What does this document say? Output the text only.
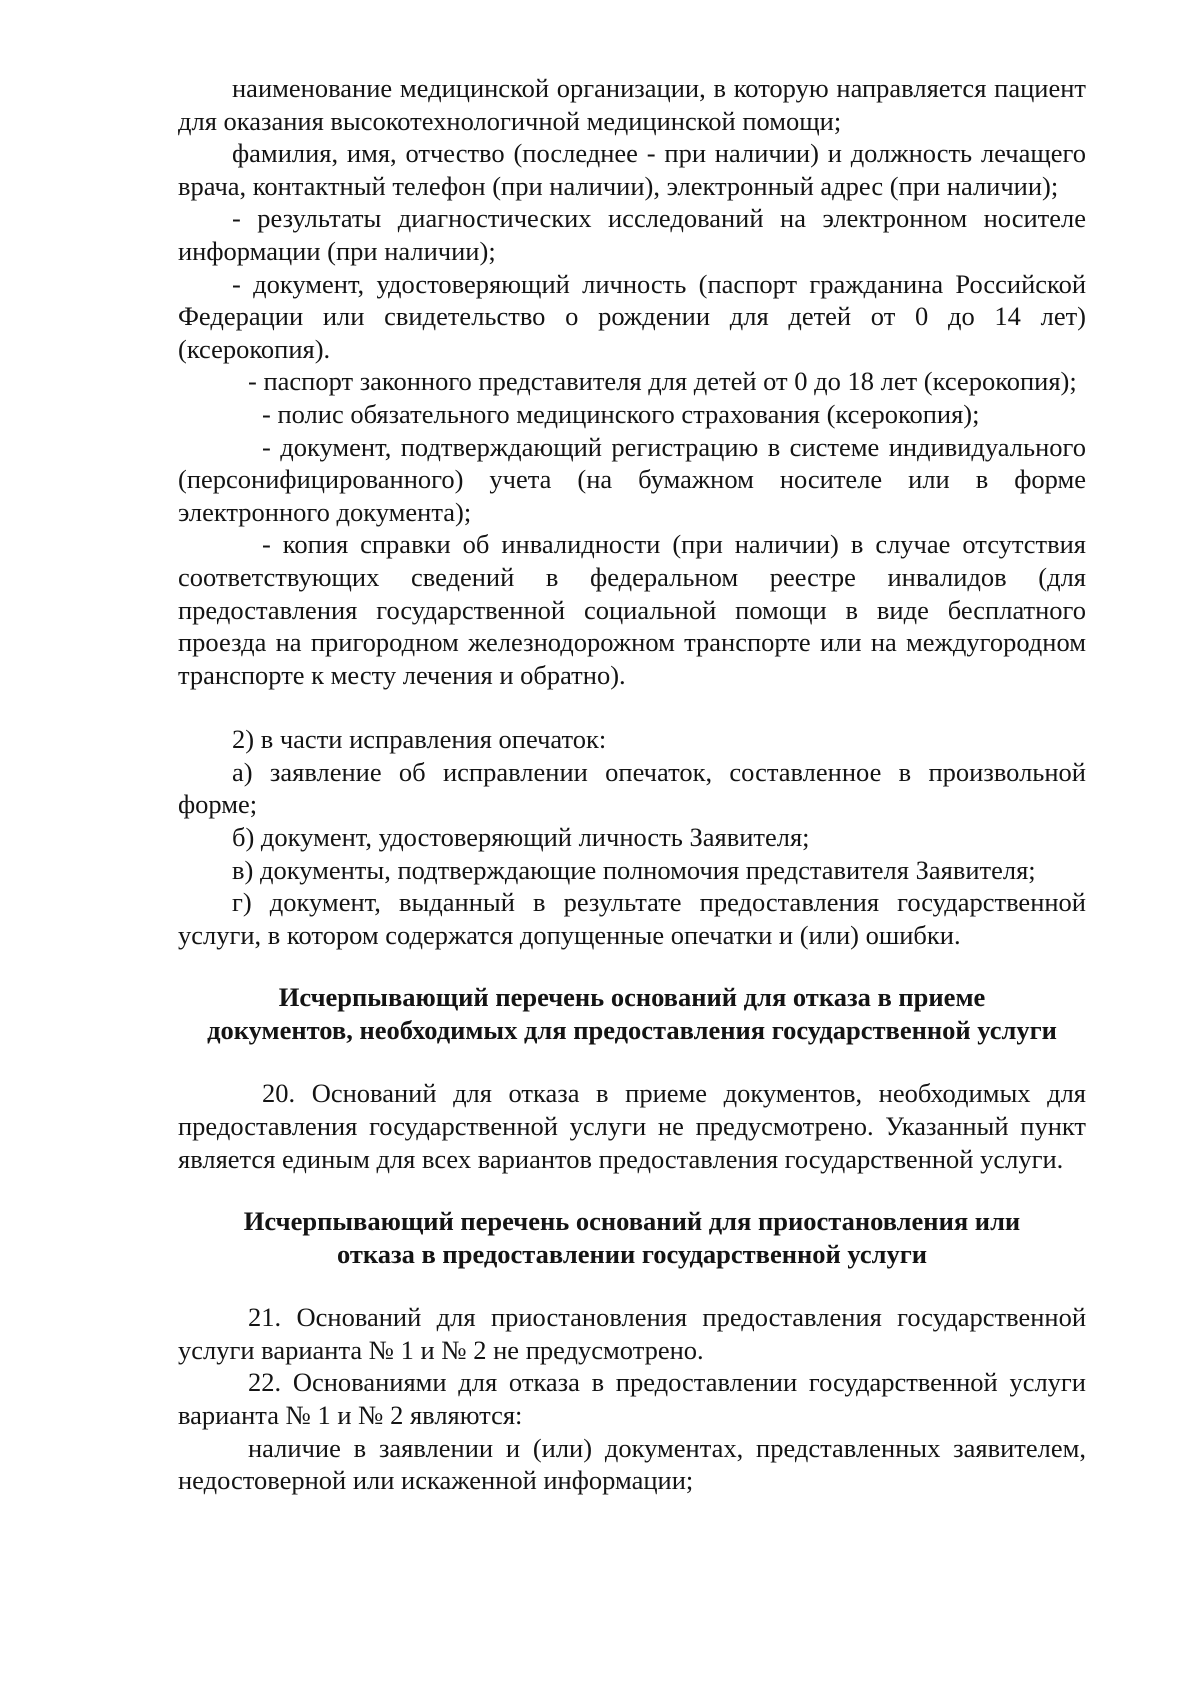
наименование медицинской организации, в которую направляется пациент для оказания высокотехнологичной медицинской помощи;

фамилия, имя, отчество (последнее - при наличии) и должность лечащего врача, контактный телефон (при наличии), электронный адрес (при наличии);

- результаты диагностических исследований на электронном носителе информации (при наличии);

- документ, удостоверяющий личность (паспорт гражданина Российской Федерации или свидетельство о рождении для детей от 0 до 14 лет) (ксерокопия).

- паспорт законного представителя для детей от 0 до 18 лет (ксерокопия);

- полис обязательного медицинского страхования (ксерокопия);

- документ, подтверждающий регистрацию в системе индивидуального (персонифицированного) учета (на бумажном носителе или в форме электронного документа);

- копия справки об инвалидности (при наличии) в случае отсутствия соответствующих сведений в федеральном реестре инвалидов (для предоставления государственной социальной помощи в виде бесплатного проезда на пригородном железнодорожном транспорте или на междугородном транспорте к месту лечения и обратно).

2) в части исправления опечаток:

а) заявление об исправлении опечаток, составленное в произвольной форме;

б) документ, удостоверяющий личность Заявителя;

в) документы, подтверждающие полномочия представителя Заявителя;

г) документ, выданный в результате предоставления государственной услуги, в котором содержатся допущенные опечатки и (или) ошибки.

Исчерпывающий перечень оснований для отказа в приеме

документов, необходимых для предоставления государственной услуги

20. Оснований для отказа в приеме документов, необходимых для предоставления государственной услуги не предусмотрено. Указанный пункт является единым для всех вариантов предоставления государственной услуги.

Исчерпывающий перечень оснований для приостановления или

отказа в предоставлении государственной услуги

21. Оснований для приостановления предоставления государственной услуги варианта № 1 и № 2 не предусмотрено.

22. Основаниями для отказа в предоставлении государственной услуги варианта № 1 и № 2 являются:

наличие в заявлении и (или) документах, представленных заявителем, недостоверной или искаженной информации;
